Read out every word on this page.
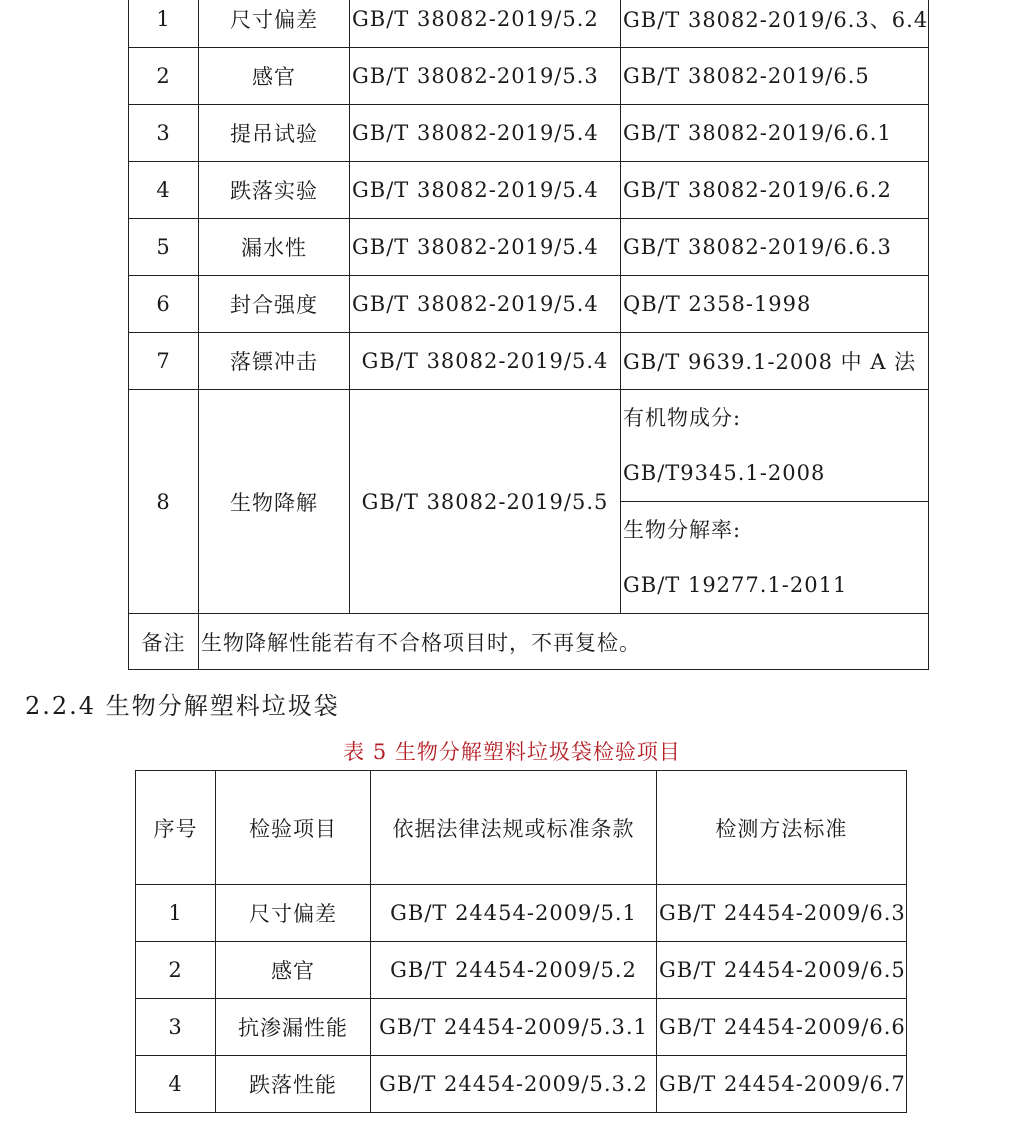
1	尺寸偏差	GB/T 38082-2019/5.2	GB/T 38082-2019/6.3、6.4
2	感官	GB/T 38082-2019/5.3	GB/T 38082-2019/6.5
3	提吊试验	GB/T 38082-2019/5.4	GB/T 38082-2019/6.6.1
4	跌落实验	GB/T 38082-2019/5.4	GB/T 38082-2019/6.6.2
5	漏水性	GB/T 38082-2019/5.4	GB/T 38082-2019/6.6.3
6	封合强度	GB/T 38082-2019/5.4	QB/T 2358-1998
7	落镖冲击	GB/T 38082-2019/5.4	GB/T 9639.1-2008 中 A 法
8	生物降解	GB/T 38082-2019/5.5	有机物成分:
GB/T9345.1-2008

			生物分解率:
GB/T 19277.1-2011

备注	生物降解性能若有不合格项目时，不再复检。		
2.2.4 生物分解塑料垃圾袋
表 5 生物分解塑料垃圾袋检验项目
序号	检验项目	依据法律法规或标准条款	检测方法标准
1	尺寸偏差	GB/T 24454-2009/5.1	GB/T 24454-2009/6.3
2	感官	GB/T 24454-2009/5.2	GB/T 24454-2009/6.5
3	抗渗漏性能	GB/T 24454-2009/5.3.1	GB/T 24454-2009/6.6
4	跌落性能	GB/T 24454-2009/5.3.2	GB/T 24454-2009/6.7
